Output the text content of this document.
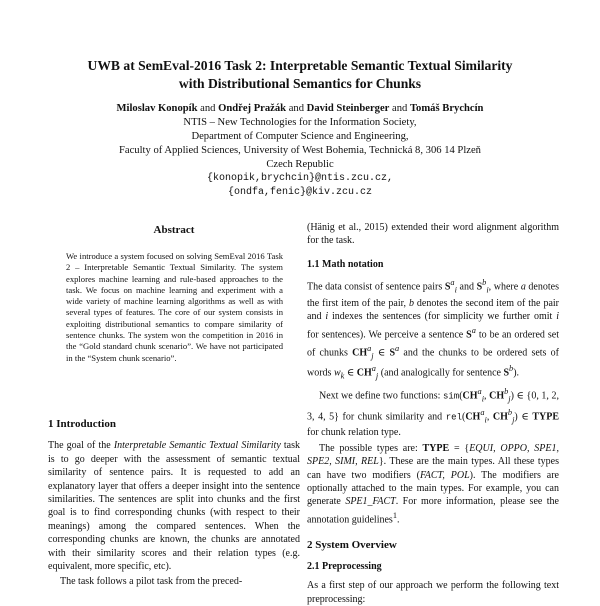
UWB at SemEval-2016 Task 2: Interpretable Semantic Textual Similarity
with Distributional Semantics for Chunks
Miloslav Konopík and Ondřej Pražák and David Steinberger and Tomáš Brychcín
NTIS – New Technologies for the Information Society,
Department of Computer Science and Engineering,
Faculty of Applied Sciences, University of West Bohemia, Technická 8, 306 14 Plzeň
Czech Republic
{konopik,brychcin}@ntis.zcu.cz,
{ondfa,fenic}@kiv.zcu.cz
Abstract
We introduce a system focused on solving SemEval 2016 Task 2 – Interpretable Semantic Textual Similarity. The system explores machine learning and rule-based approaches to the task. We focus on machine learning and experiment with a wide variety of machine learning algorithms as well as with several types of features. The core of our system consists in exploiting distributional semantics to compare similarity of sentence chunks. The system won the competition in 2016 in the “Gold standard chunk scenario”. We have not participated in the “System chunk scenario”.
1 Introduction

The goal of the Interpretable Semantic Textual Similarity task is to go deeper with the assessment of semantic textual similarity of sentence pairs. It is requested to add an explanatory layer that offers a deeper insight into the sentence similarities. The sentences are split into chunks and the first goal is to find corresponding chunks (with respect to their meanings) among the compared sentences. When the corresponding chunks are known, the chunks are annotated with their similarity scores and their relation types (e.g. equivalent, more specific, etc).

The task follows a pilot task from the preced-

(Hänig et al., 2015) extended their word alignment algorithm for the task.

1.1 Math notation

The data consist of sentence pairs $S^a_i$ and $S^b_i$, where a denotes the first item of the pair, b denotes the second item of the pair and i indexes the sentences (for simplicity we further omit i for sentences). We perceive a sentence $S^a$ to be an ordered set of chunks $CH^a_j$ ∈ $S^a$ and the chunks to be ordered sets of words $w_k$ ∈ $CH^a_j$ (and analogically for sentence $S^b$).

Next we define two functions: $sim(CH^a_i$, $CH^b_j$) ∈ {0, 1, 2, 3, 4, 5} for chunk similarity and $rel(CH^a_i$, $CH^b_j$) ∈ TYPE for chunk relation type.

The possible types are: TYPE = {EQUI, OPPO, SPE1, SPE2, SIMI, REL}. These are the main types. All these types can have two modifiers (FACT, POL). The modifiers are optionally attached to the main types. For example, you can generate SPE1_FACT. For more information, please see the annotation guidelines$^1$.

2 System Overview
2.1 Preprocessing

As a first step of our approach we perform the following text preprocessing:
